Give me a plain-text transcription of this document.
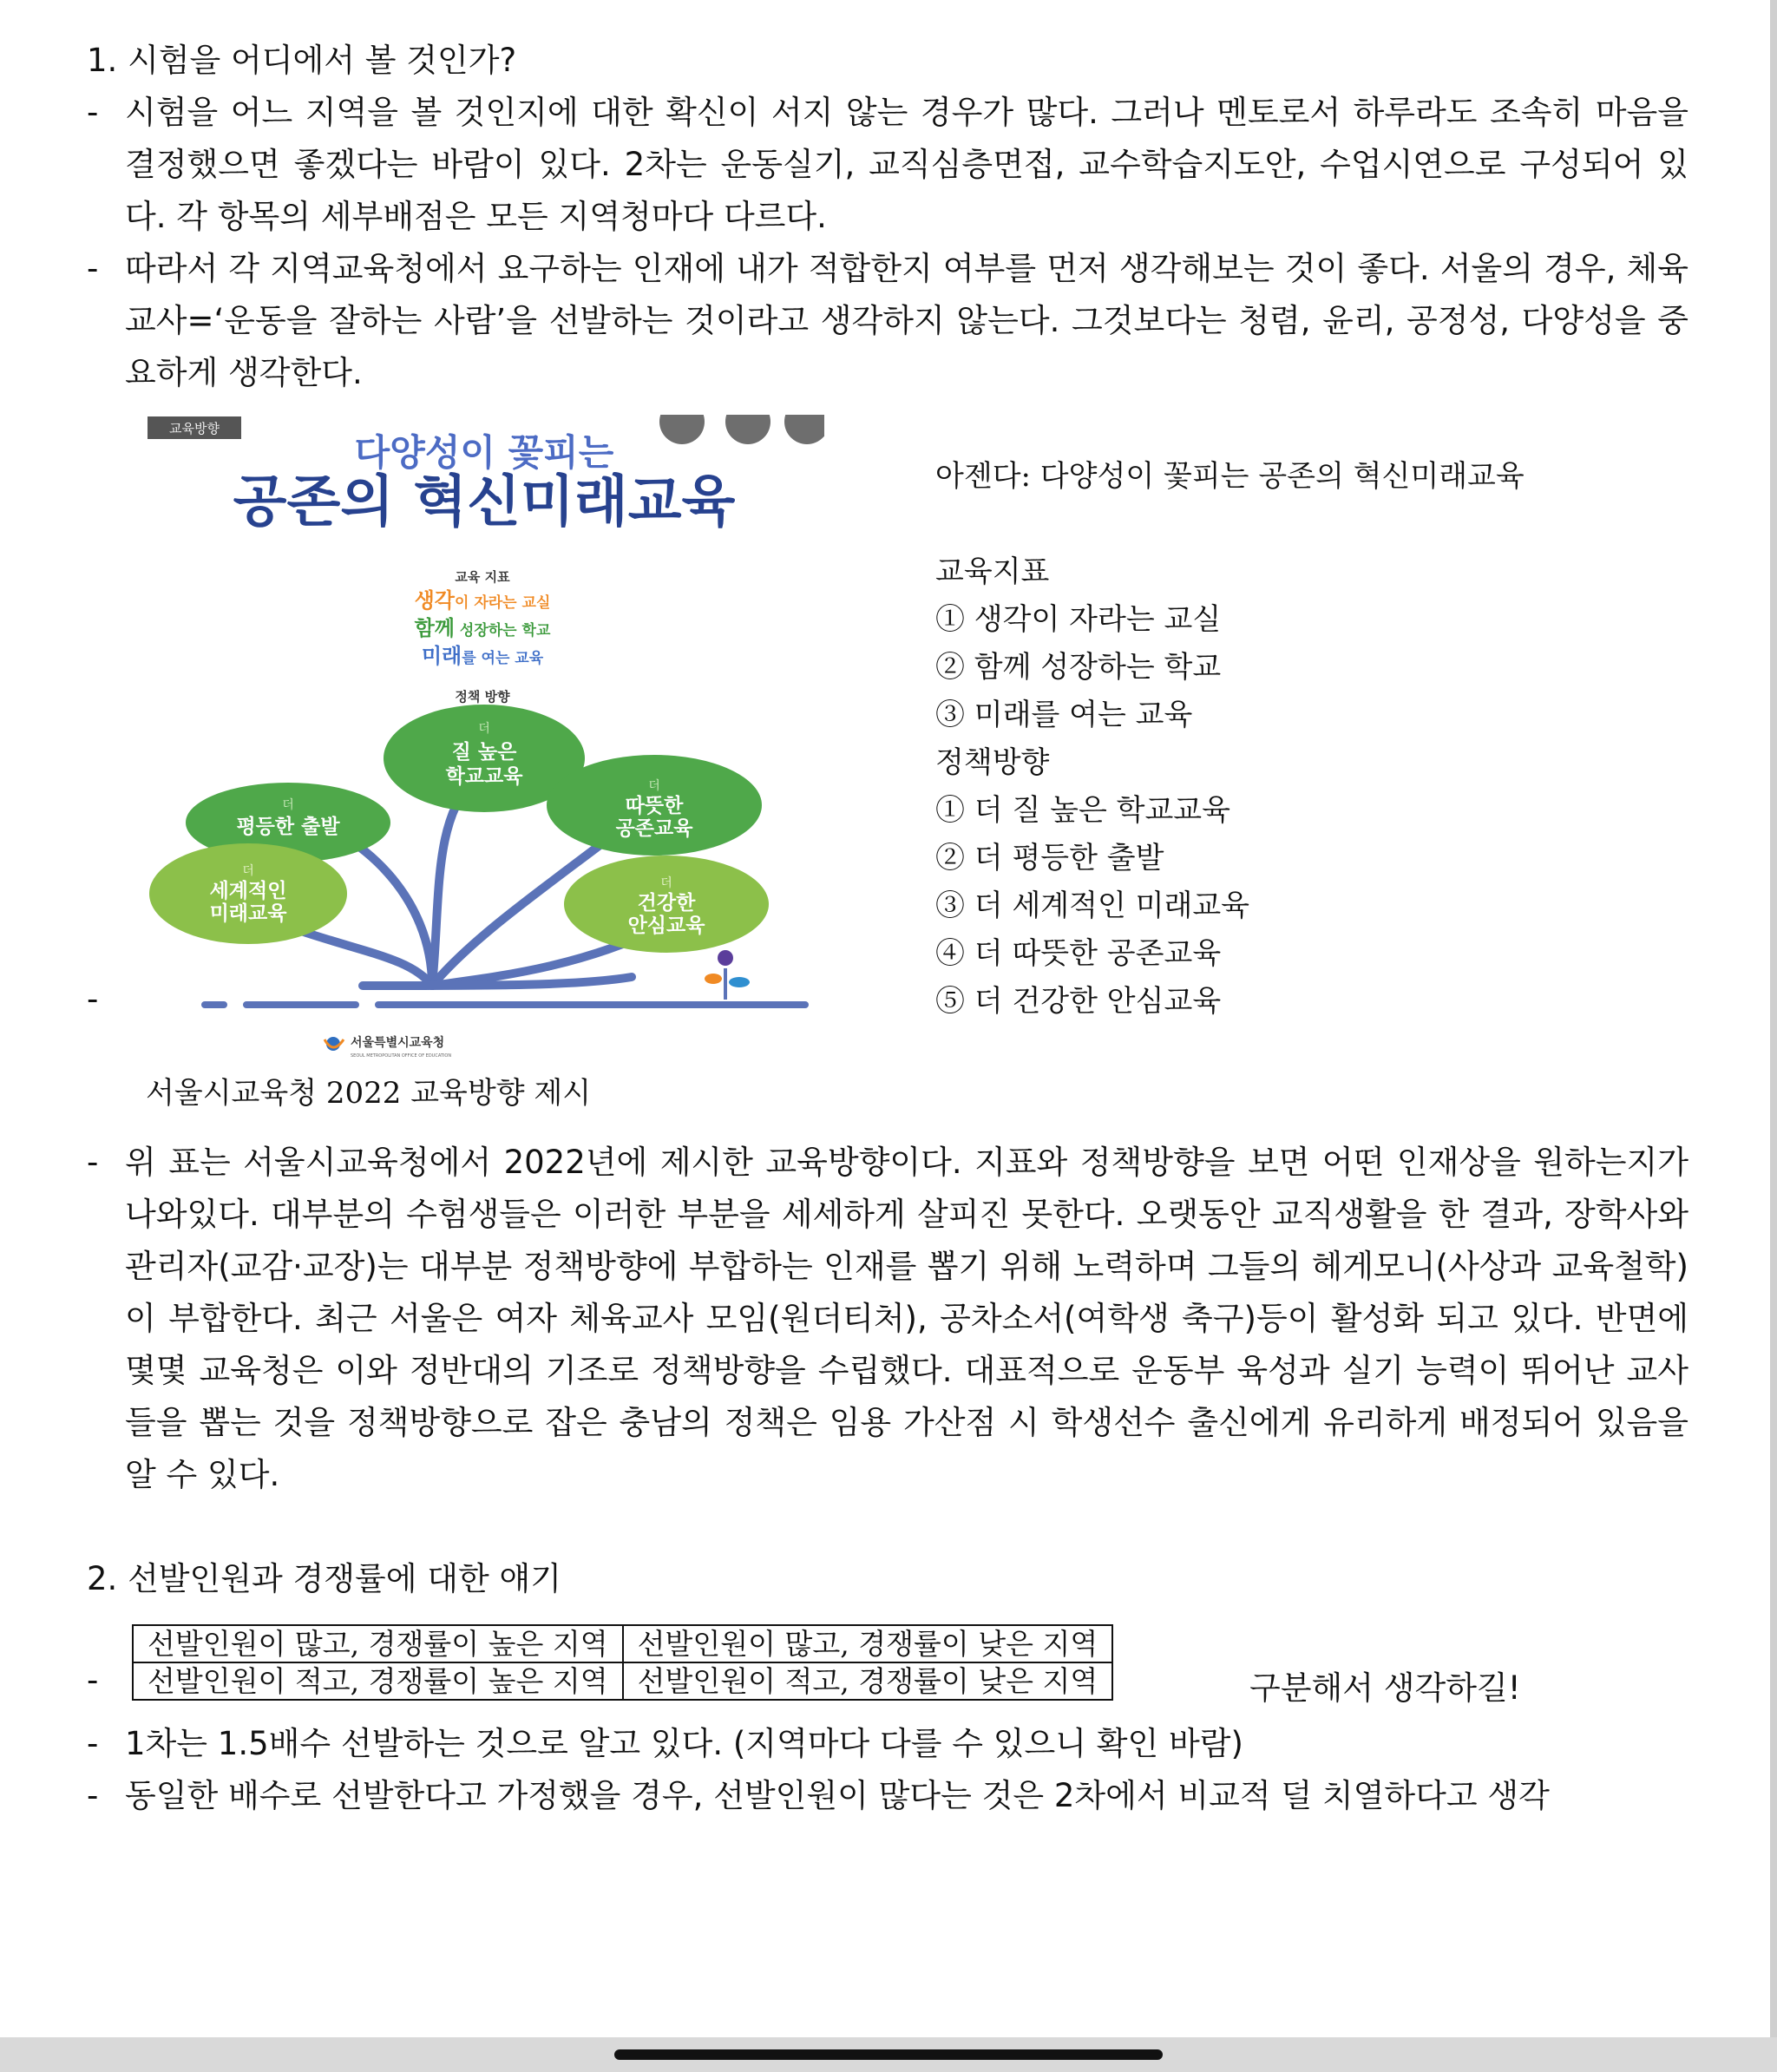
1. 시험을 어디에서 볼 것인가?
- 시험을 어느 지역을 볼 것인지에 대한 확신이 서지 않는 경우가 많다. 그러나 멘토로서 하루라도 조속히 마음을 결정했으면 좋겠다는 바람이 있다. 2차는 운동실기, 교직심층면접, 교수학습지도안, 수업시연으로 구성되어 있다. 각 항목의 세부배점은 모든 지역청마다 다르다.
- 따라서 각 지역교육청에서 요구하는 인재에 내가 적합한지 여부를 먼저 생각해보는 것이 좋다. 서울의 경우, 체육교사=‘운동을 잘하는 사람’을 선발하는 것이라고 생각하지 않는다. 그것보다는 청렴, 윤리, 공정성, 다양성을 중요하게 생각한다.
교육방향
다양성이 꽃피는
공존의 혁신미래교육
교육 지표
생각이 자라는 교실
함께 성장하는 학교
미래를 여는 교육
정책 방향
더
질 높은
학교교육
더
평등한 출발
더
따뜻한
공존교육
더
세계적인
미래교육
더
건강한
안심교육
서울특별시교육청
SEOUL METROPOLITAN OFFICE OF EDUCATION
-
서울시교육청 2022 교육방향 제시
아젠다: 다양성이 꽃피는 공존의 혁신미래교육
교육지표
① 생각이 자라는 교실
② 함께 성장하는 학교
③ 미래를 여는 교육
정책방향
① 더 질 높은 학교교육
② 더 평등한 출발
③ 더 세계적인 미래교육
④ 더 따뜻한 공존교육
⑤ 더 건강한 안심교육
- 위 표는 서울시교육청에서 2022년에 제시한 교육방향이다. 지표와 정책방향을 보면 어떤 인재상을 원하는지가 나와있다. 대부분의 수험생들은 이러한 부분을 세세하게 살피진 못한다. 오랫동안 교직생활을 한 결과, 장학사와 관리자(교감·교장)는 대부분 정책방향에 부합하는 인재를 뽑기 위해 노력하며 그들의 헤게모니(사상과 교육철학)이 부합한다. 최근 서울은 여자 체육교사 모임(원더티처), 공차소서(여학생 축구)등이 활성화 되고 있다. 반면에 몇몇 교육청은 이와 정반대의 기조로 정책방향을 수립했다. 대표적으로 운동부 육성과 실기 능력이 뛰어난 교사들을 뽑는 것을 정책방향으로 잡은 충남의 정책은 임용 가산점 시 학생선수 출신에게 유리하게 배정되어 있음을 알 수 있다.
2. 선발인원과 경쟁률에 대한 얘기
-
선발인원이 많고, 경쟁률이 높은 지역	선발인원이 많고, 경쟁률이 낮은 지역
선발인원이 적고, 경쟁률이 높은 지역	선발인원이 적고, 경쟁률이 낮은 지역	구분해서 생각하길!
- 1차는 1.5배수 선발하는 것으로 알고 있다. (지역마다 다를 수 있으니 확인 바람)
- 동일한 배수로 선발한다고 가정했을 경우, 선발인원이 많다는 것은 2차에서 비교적 덜 치열하다고 생각
